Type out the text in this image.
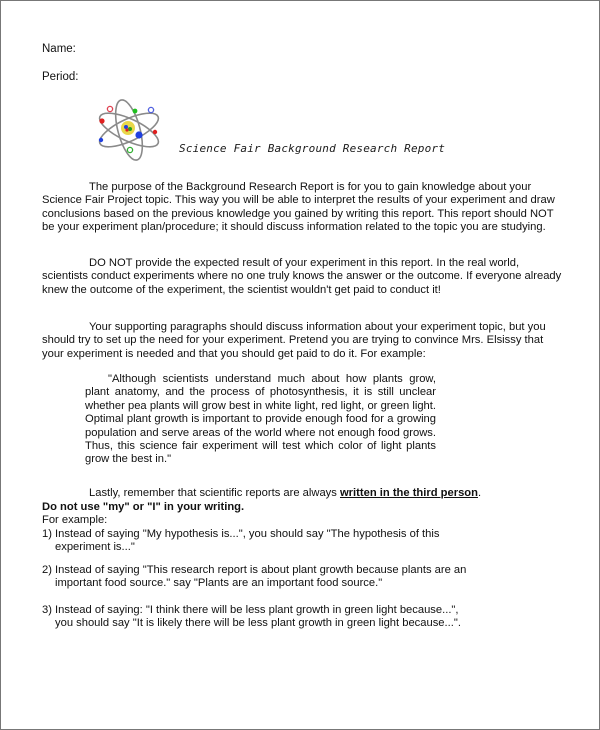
Name:
Period:
Science Fair Background Research Report

The purpose of the Background Research Report is for you to gain knowledge about your Science Fair Project topic. This way you will be able to interpret the results of your experiment and draw conclusions based on the previous knowledge you gained by writing this report. This report should NOT be your experiment plan/procedure; it should discuss information related to the topic you are studying.

DO NOT provide the expected result of your experiment in this report. In the real world, scientists conduct experiments where no one truly knows the answer or the outcome. If everyone already knew the outcome of the experiment, the scientist wouldn't get paid to conduct it!

Your supporting paragraphs should discuss information about your experiment topic, but you should try to set up the need for your experiment. Pretend you are trying to convince Mrs. Elsissy that your experiment is needed and that you should get paid to do it. For example:

"Although scientists understand much about how plants grow, plant anatomy, and the process of photosynthesis, it is still unclear whether pea plants will grow best in white light, red light, or green light. Optimal plant growth is important to provide enough food for a growing population and serve areas of the world where not enough food grows. Thus, this science fair experiment will test which color of light plants grow the best in."

Lastly, remember that scientific reports are always written in the third person.

Do not use "my" or "I" in your writing.

For example:

1) Instead of saying "My hypothesis is...", you should say "The hypothesis of this
experiment is..."

2) Instead of saying "This research report is about plant growth because plants are an
important food source." say "Plants are an important food source."

3) Instead of saying: "I think there will be less plant growth in green light because...",
you should say "It is likely there will be less plant growth in green light because...".
